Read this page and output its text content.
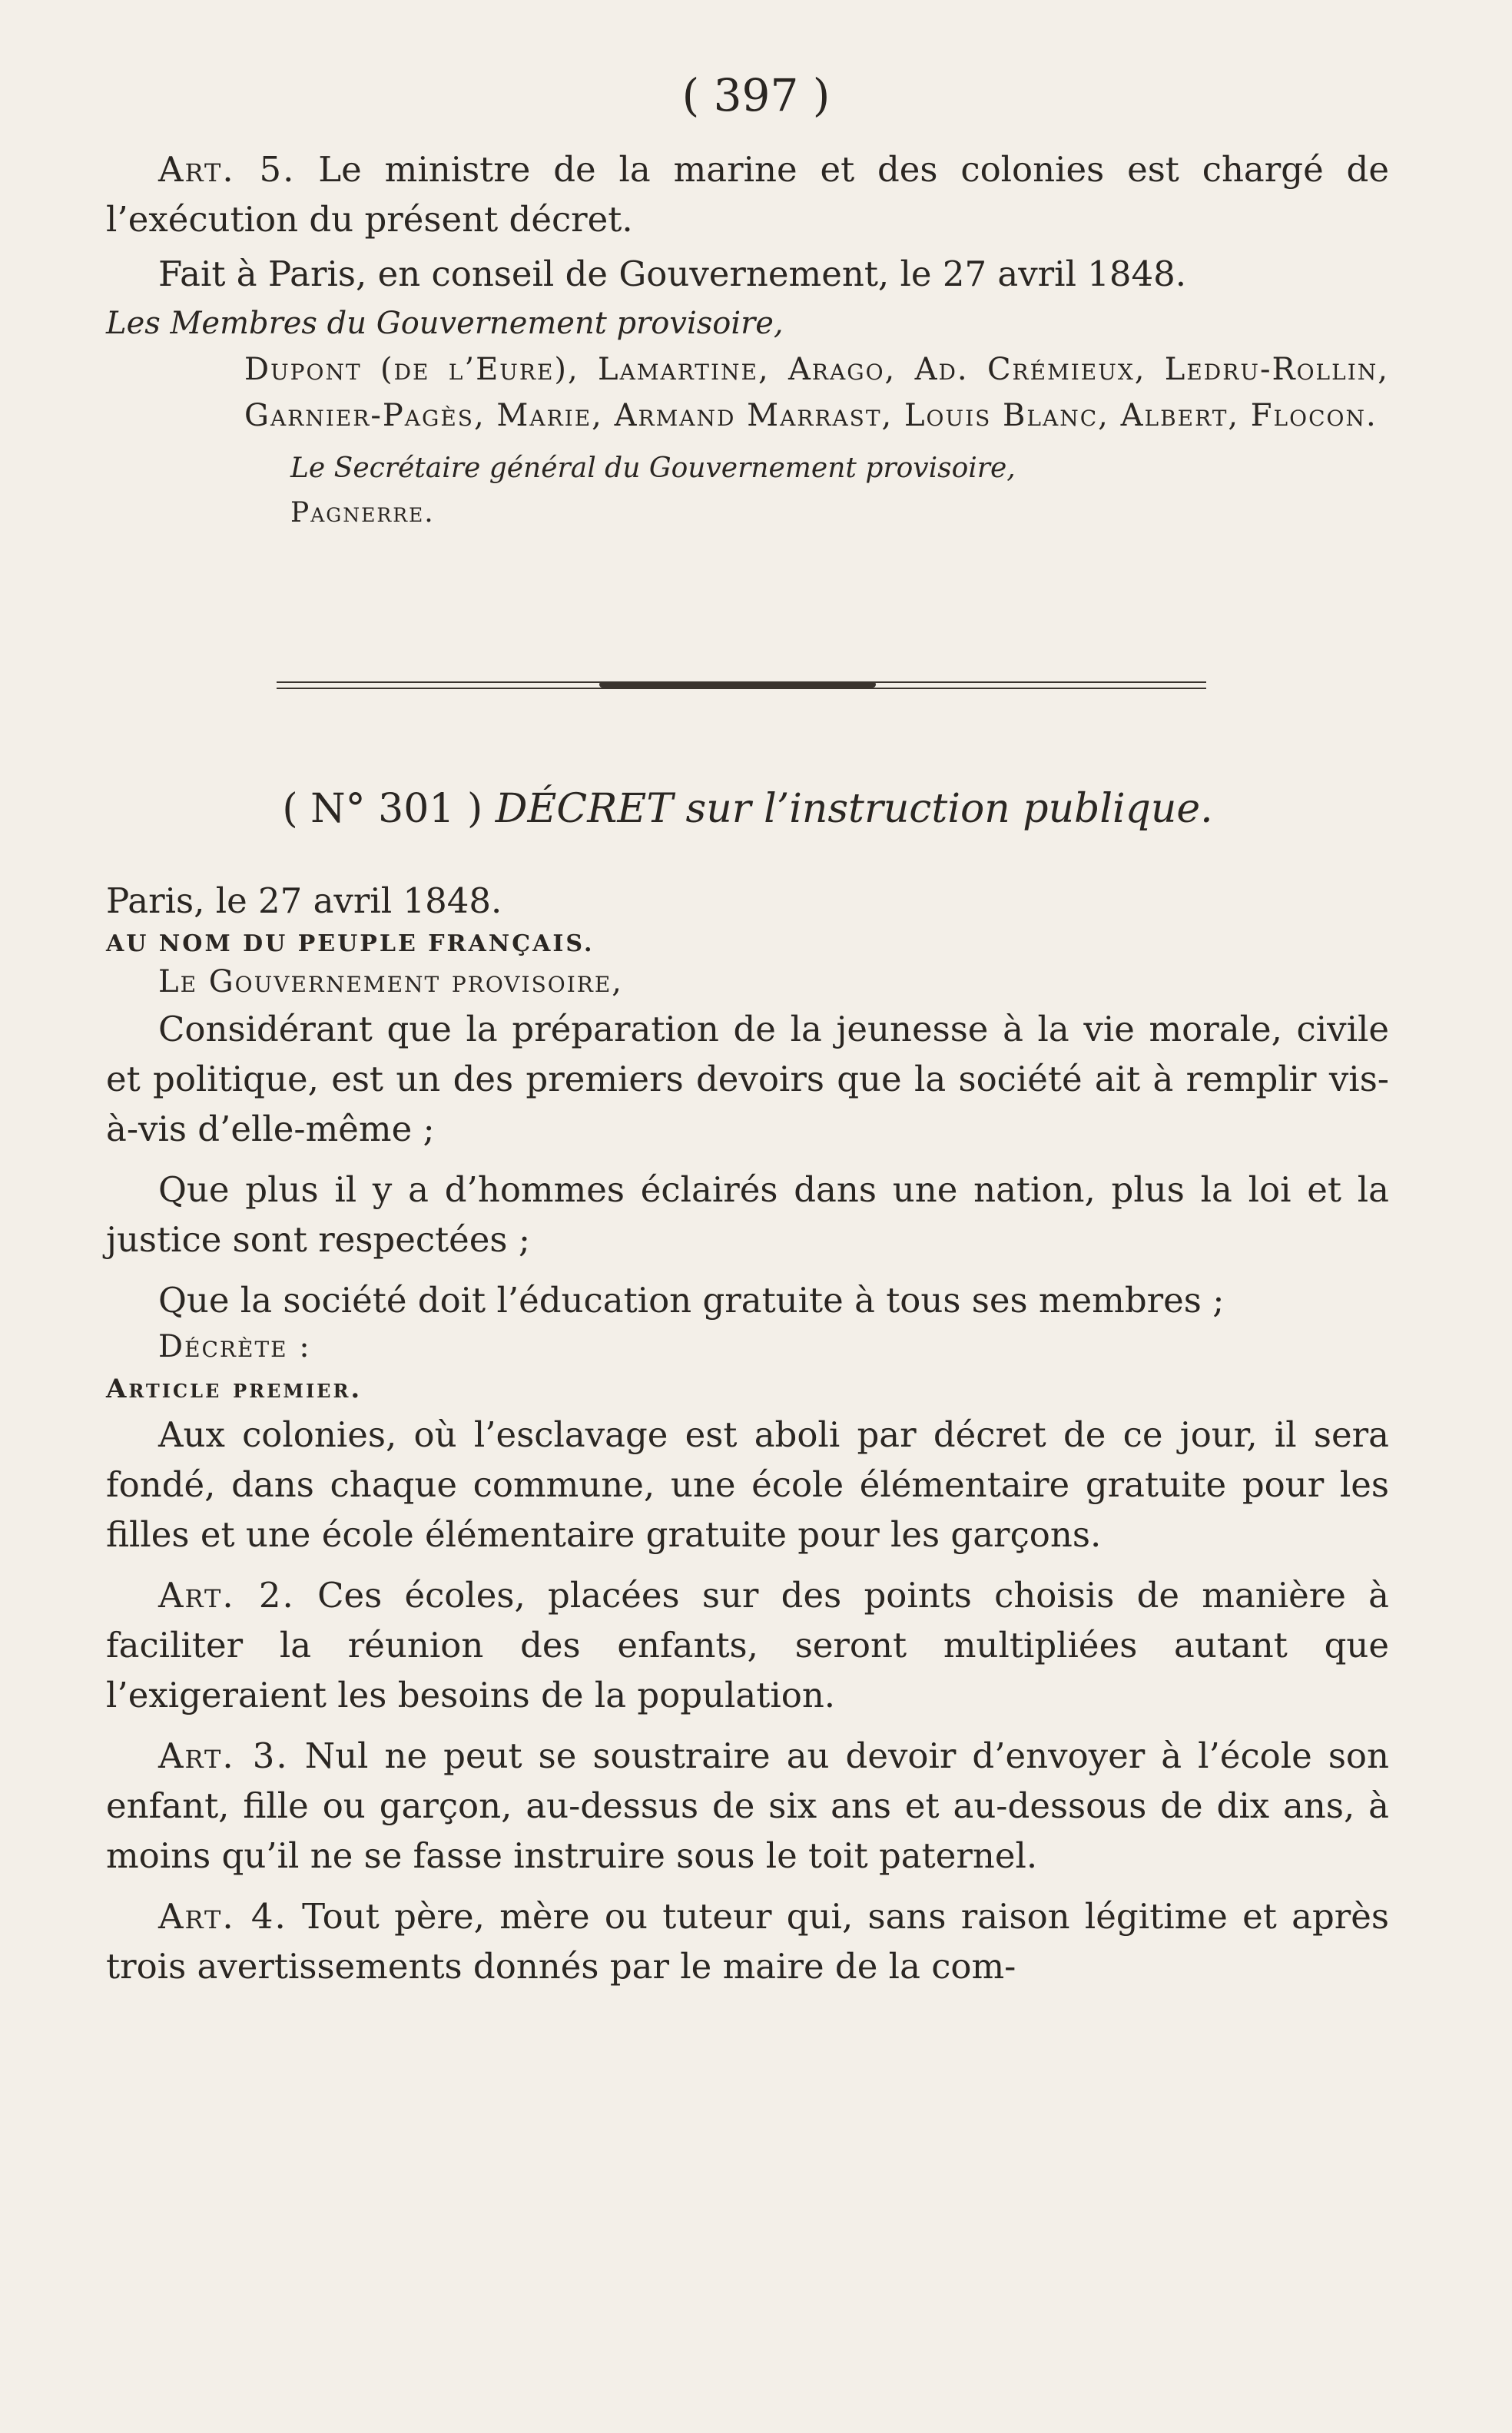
( 397 )

Art. 5. Le ministre de la marine et des colonies est chargé de l’exécution du présent décret.

Fait à Paris, en conseil de Gouvernement, le 27 avril 1848.

Les Membres du Gouvernement provisoire,

Dupont (de l’Eure), Lamartine, Arago, Ad. Crémieux, Ledru-Rollin, Garnier-Pagès, Marie, Armand Marrast, Louis Blanc, Albert, Flocon.

Le Secrétaire général du Gouvernement provisoire,

Pagnerre.

( N° 301 ) DÉCRET sur l’instruction publique.

Paris, le 27 avril 1848.

AU NOM DU PEUPLE FRANÇAIS.

Le Gouvernement provisoire,

Considérant que la préparation de la jeunesse à la vie morale, civile et politique, est un des premiers devoirs que la société ait à remplir vis-à-vis d’elle-même ;

Que plus il y a d’hommes éclairés dans une nation, plus la loi et la justice sont respectées ;

Que la société doit l’éducation gratuite à tous ses membres ;

Décrète :

Article premier.

Aux colonies, où l’esclavage est aboli par décret de ce jour, il sera fondé, dans chaque commune, une école élémentaire gratuite pour les filles et une école élémentaire gratuite pour les garçons.

Art. 2. Ces écoles, placées sur des points choisis de manière à faciliter la réunion des enfants, seront multipliées autant que l’exigeraient les besoins de la population.

Art. 3. Nul ne peut se soustraire au devoir d’envoyer à l’école son enfant, fille ou garçon, au-dessus de six ans et au-dessous de dix ans, à moins qu’il ne se fasse instruire sous le toit paternel.

Art. 4. Tout père, mère ou tuteur qui, sans raison légitime et après trois avertissements donnés par le maire de la com-
